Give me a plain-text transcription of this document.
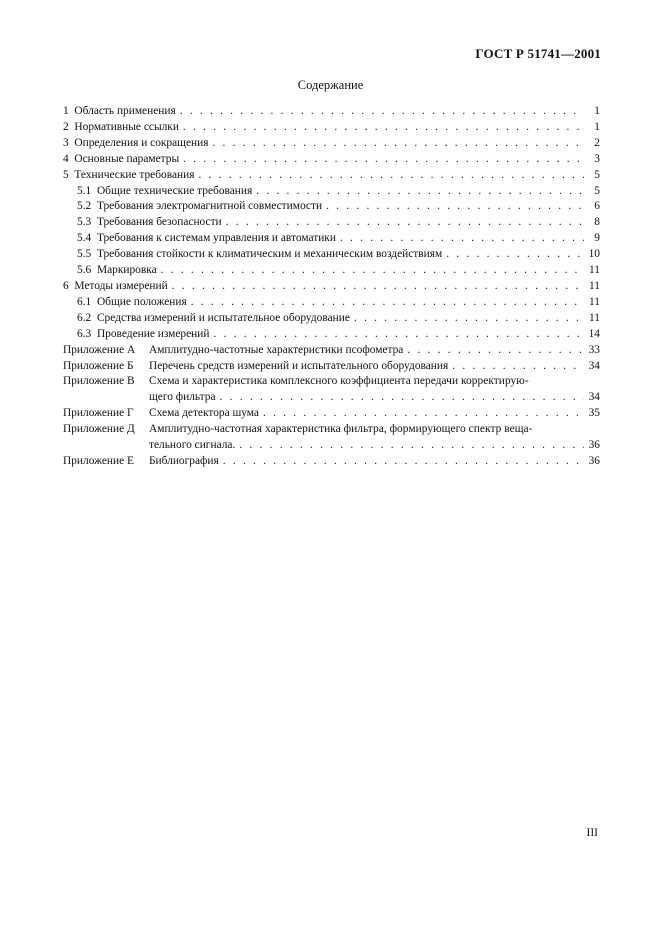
ГОСТ Р 51741—2001
Содержание
1  Область применения . . .	1
2  Нормативные ссылки . . .	1
3  Определения и сокращения . . .	2
4  Основные параметры . . .	3
5  Технические требования . . .	5
5.1  Общие технические требования . . .	5
5.2  Требования электромагнитной совместимости . . .	6
5.3  Требования безопасности . . .	8
5.4  Требования к системам управления и автоматики . . .	9
5.5  Требования стойкости к климатическим и механическим воздействиям . . .	10
5.6  Маркировка . . .	11
6  Методы измерений . . .	11
6.1  Общие положения . . .	11
6.2  Средства измерений и испытательное оборудование . . .	11
6.3  Проведение измерений . . .	14
Приложение А	Амплитудно-частотные характеристики псофометра . . .	33
Приложение Б	Перечень средств измерений и испытательного оборудования . . .	34
Приложение В	Схема и характеристика комплексного коэффициента передачи корректирую-
щего фильтра . . .	34
Приложение Г	Схема детектора шума . . .	35
Приложение Д	Амплитудно-частотная характеристика фильтра, формирующего спектр веща-
тельного сигнала. . . .	36
Приложение Е	Библиография . . .	36
III
